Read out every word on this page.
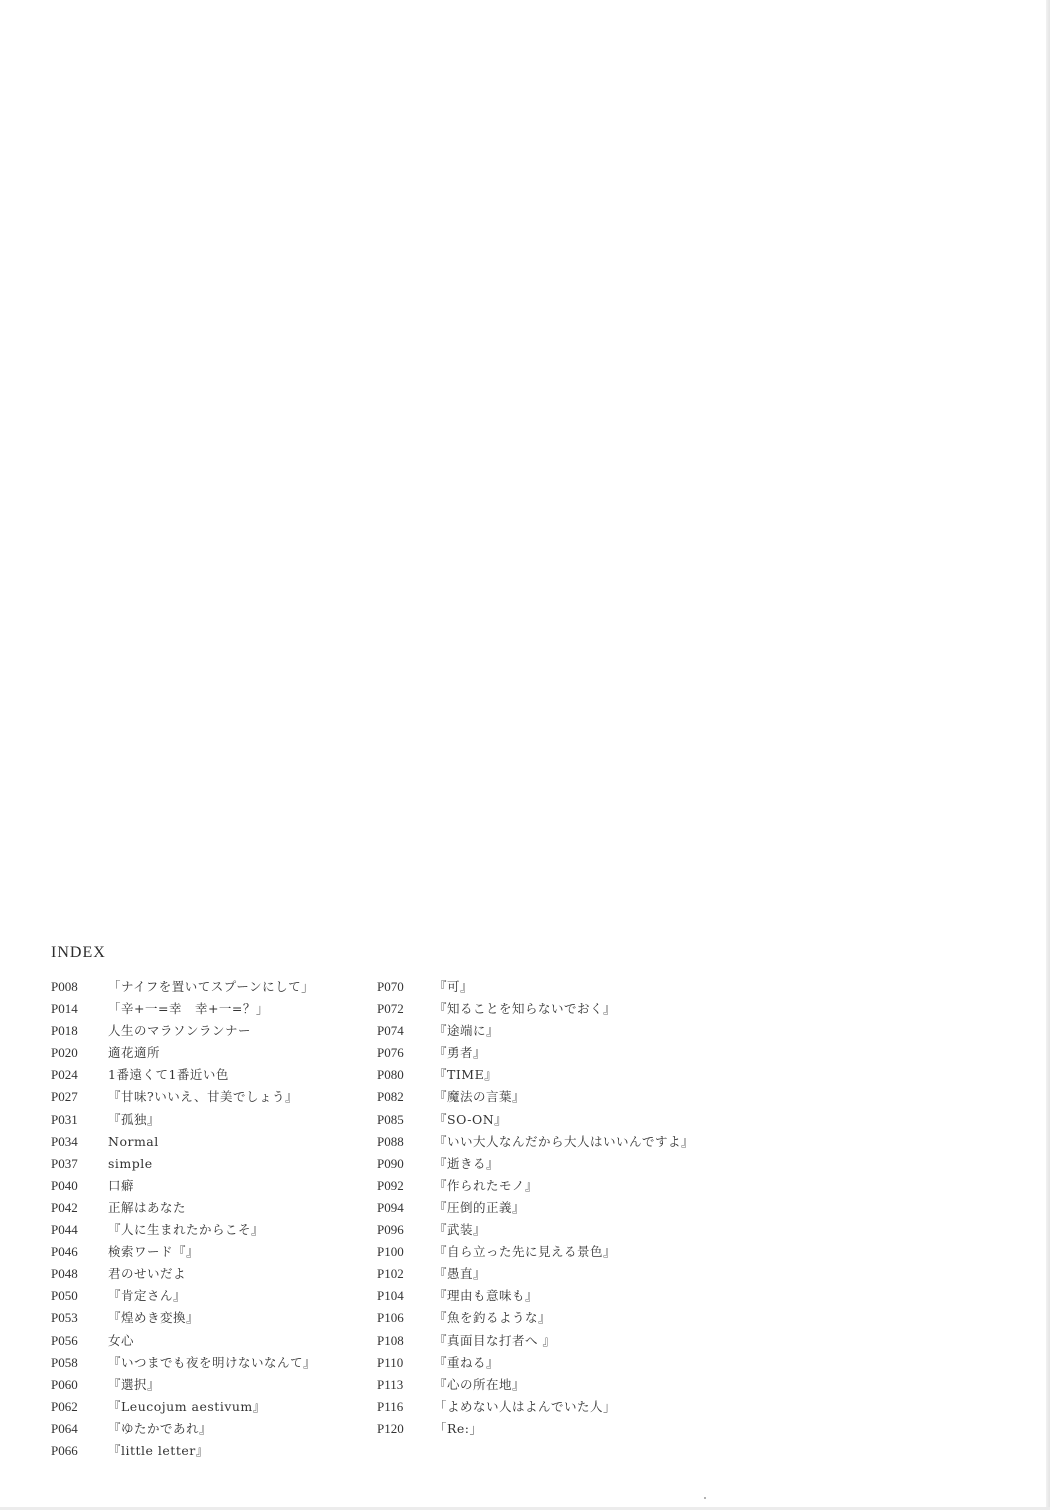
INDEX
P008 「ナイフを置いてスプーンにして」
P014 「辛+一=幸　幸+一=？」
P018 人生のマラソンランナー
P020 適花適所
P024 1番遠くて1番近い色
P027 『甘味?いいえ、甘美でしょう』
P031 『孤独』
P034 Normal
P037 simple
P040 口癖
P042 正解はあなた
P044 『人に生まれたからこそ』
P046 検索ワード『』
P048 君のせいだよ
P050 『肯定さん』
P053 『煌めき変換』
P056 女心
P058 『いつまでも夜を明けないなんて』
P060 『選択』
P062 『Leucojum aestivum』
P064 『ゆたかであれ』
P066 『little letter』
P070 『可』
P072 『知ることを知らないでおく』
P074 『途端に』
P076 『勇者』
P080 『TIME』
P082 『魔法の言葉』
P085 『SO-ON』
P088 『いい大人なんだから大人はいいんですよ』
P090 『逝きる』
P092 『作られたモノ』
P094 『圧倒的正義』
P096 『武装』
P100 『自ら立った先に見える景色』
P102 『愚直』
P104 『理由も意味も』
P106 『魚を釣るような』
P108 『真面目な打者へ 』
P110 『重ねる』
P113 『心の所在地』
P116 「よめない人はよんでいた人」
P120 「Re:」
